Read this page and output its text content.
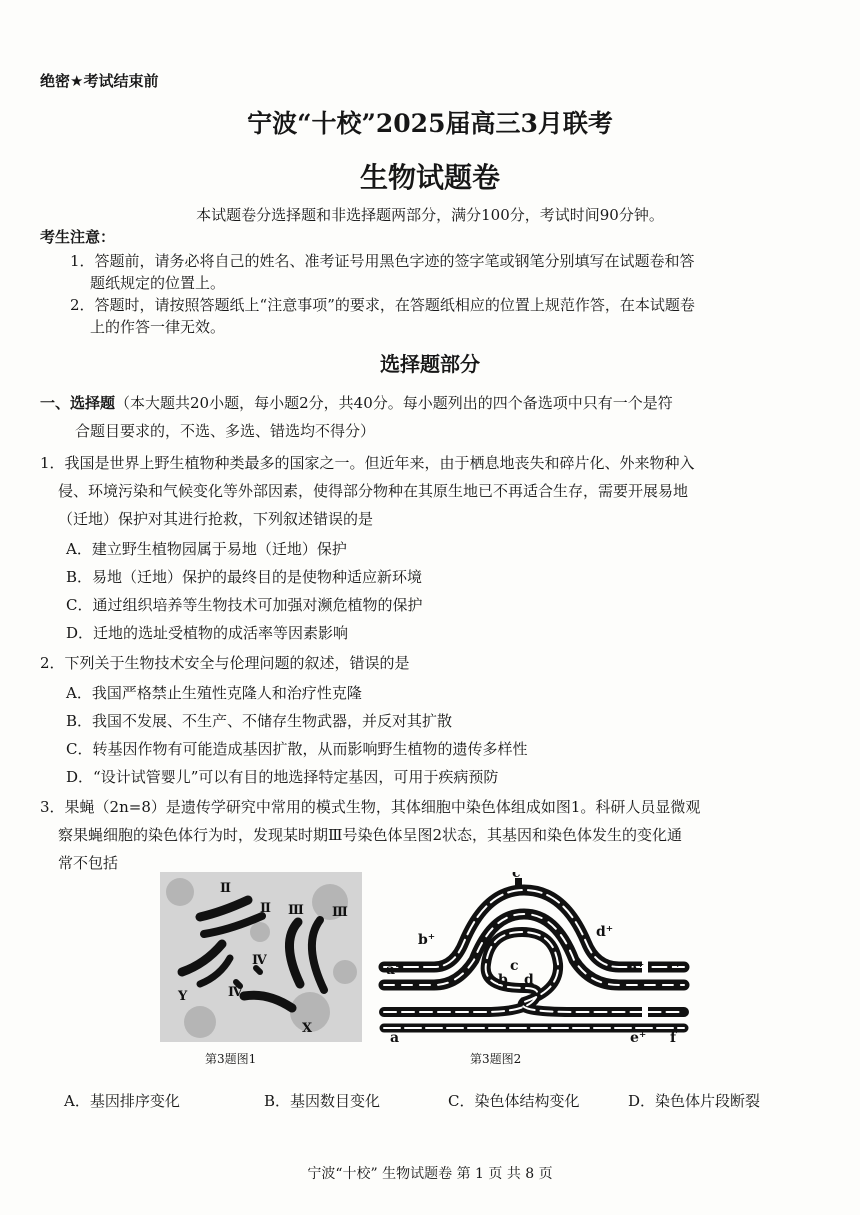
绝密★考试结束前
宁波“十校”2025届高三3月联考
生物试题卷
本试题卷分选择题和非选择题两部分，满分100分，考试时间90分钟。
考生注意：
1．答题前，请务必将自己的姓名、准考证号用黑色字迹的签字笔或钢笔分别填写在试题卷和答
题纸规定的位置上。
2．答题时，请按照答题纸上“注意事项”的要求，在答题纸相应的位置上规范作答，在本试题卷
上的作答一律无效。
选择题部分
一、选择题（本大题共20小题，每小题2分，共40分。每小题列出的四个备选项中只有一个是符
合题目要求的，不选、多选、错选均不得分）
1．我国是世界上野生植物种类最多的国家之一。但近年来，由于栖息地丧失和碎片化、外来物种入
侵、环境污染和气候变化等外部因素，使得部分物种在其原生地已不再适合生存，需要开展易地
（迁地）保护对其进行抢救，下列叙述错误的是
A．建立野生植物园属于易地（迁地）保护
B．易地（迁地）保护的最终目的是使物种适应新环境
C．通过组织培养等生物技术可加强对濒危植物的保护
D．迁地的选址受植物的成活率等因素影响
2．下列关于生物技术安全与伦理问题的叙述，错误的是
A．我国严格禁止生殖性克隆人和治疗性克隆
B．我国不发展、不生产、不储存生物武器，并反对其扩散
C．转基因作物有可能造成基因扩散，从而影响野生植物的遗传多样性
D．“设计试管婴儿”可以有目的地选择特定基因，可用于疾病预防
3．果蝇（2n=8）是遗传学研究中常用的模式生物，其体细胞中染色体组成如图1。科研人员显微观
察果蝇细胞的染色体行为时，发现某时期Ⅲ号染色体呈图2状态，其基因和染色体发生的变化通
常不包括
Ⅱ
Ⅱ Ⅲ Ⅲ
Ⅳ
Ⅳ
Y
X
c⁺
b⁺	d⁺
a⁺	e⁺ f⁺
c
b d
a	e⁺ f
第3题图1	第3题图2
A．基因排序变化	B．基因数目变化	C．染色体结构变化	D．染色体片段断裂
宁波“十校” 生物试题卷 第 1 页 共 8 页
